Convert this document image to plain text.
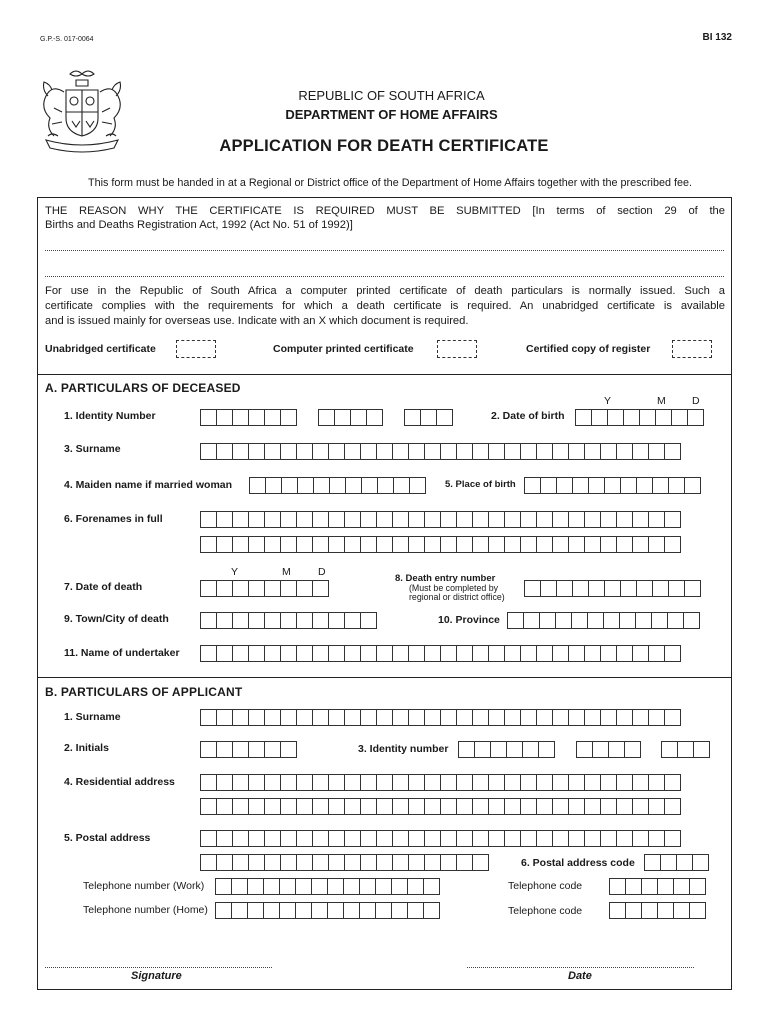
G.P.-S. 017-0064	BI 132
REPUBLIC OF SOUTH AFRICA
DEPARTMENT OF HOME AFFAIRS
APPLICATION FOR DEATH CERTIFICATE
This form must be handed in at a Regional or District office of the Department of Home Affairs together with the prescribed fee.
THE REASON WHY THE CERTIFICATE IS REQUIRED MUST BE SUBMITTED [In terms of section 29 of the
Births and Deaths Registration Act, 1992 (Act No. 51 of 1992)]
For use in the Republic of South Africa a computer printed certificate of death particulars is normally issued. Such a
certificate complies with the requirements for which a death certificate is required. An unabridged certificate is available
and is issued mainly for overseas use. Indicate with an X which document is required.
Unabridged certificate	Computer printed certificate	Certified copy of register
A. PARTICULARS OF DECEASED
Y	M	D
1. Identity Number	2. Date of birth
3. Surname
4. Maiden name if married woman	5. Place of birth
6. Forenames in full
Y	M	D
7. Date of death
8. Death entry number
(Must be completed by
regional or district office)
9. Town/City of death	10. Province
11. Name of undertaker
B. PARTICULARS OF APPLICANT
1. Surname
2. Initials	3. Identity number
4. Residential address
5. Postal address
6. Postal address code
Telephone number (Work)	Telephone code
Telephone number (Home)	Telephone code
Signature	Date
